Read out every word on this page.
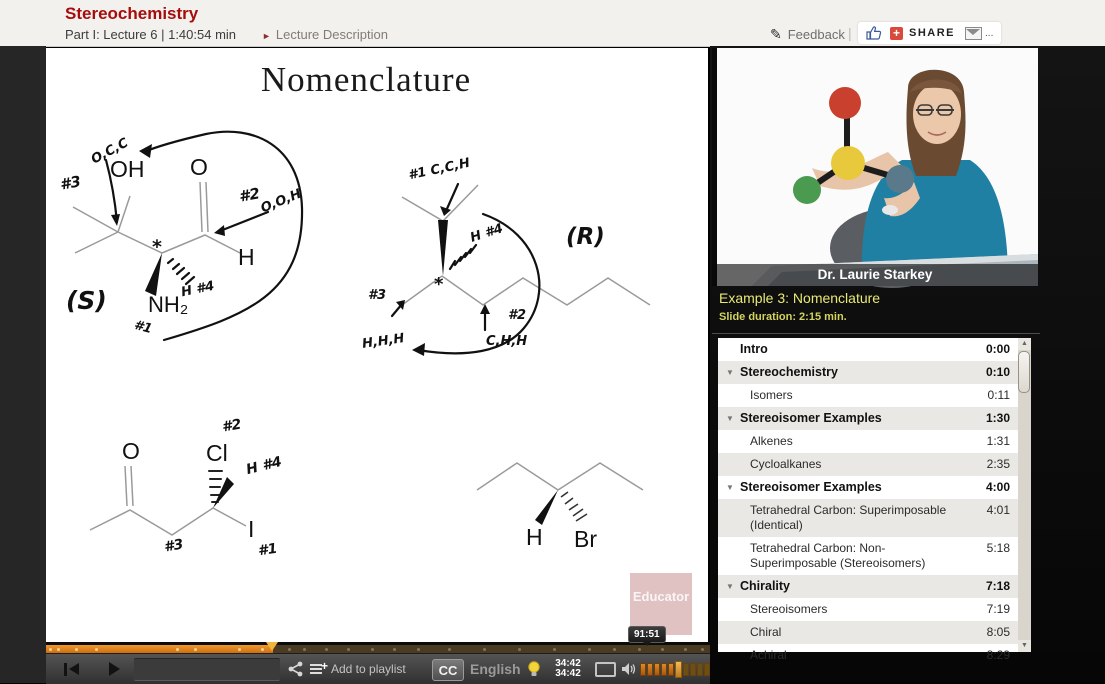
Stereochemistry
Part I: Lecture 6 | 1:40:54 min	► Lecture Description	✎ Feedback |	+ SHARE	...
Nomenclature
#3
O,C,C
OH O
#2
O,O,H
H
H #4
NH₂
#1
(S)
*
#1 C,C,H
H #4	(R)
#3
H,H,H
#2
C,H,H
*
O
#2
Cl H #4
#3
I
#1	H Br
Educator
91:51
+ Add to playlist	CC English	34:42
34:42
Dr. Laurie Starkey
Example 3: Nomenclature
Slide duration: 2:15 min.
Intro	0:00
▼ Stereochemistry	0:10
Isomers	0:11
▼ Stereoisomer Examples	1:30
Alkenes	1:31
Cycloalkanes	2:35
▼ Stereoisomer Examples	4:00
Tetrahedral Carbon: Superimposable (Identical)
4:01
Tetrahedral Carbon: Non-Superimposable (Stereoisomers)
5:18
▼ Chirality	7:18
Stereoisomers	7:19
Chiral	8:05
Achiral	8:29
▲
▼
